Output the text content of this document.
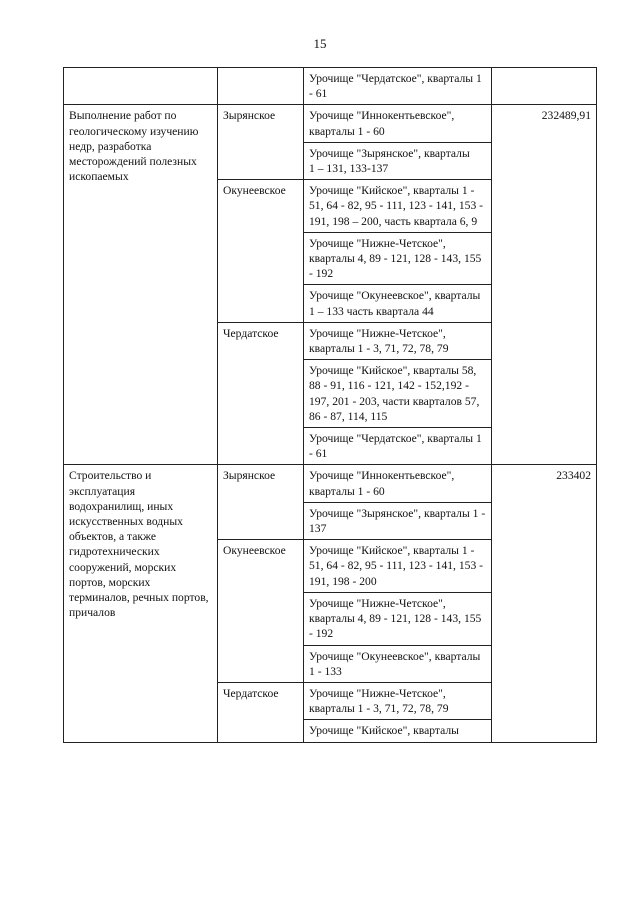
15
		Урочище "Чердатское", кварталы 1 - 61	
Выполнение работ по геологическому изучению недр, разработка месторождений полезных ископаемых	Зырянское	Урочище "Иннокентьевское", кварталы 1 - 60	232489,91
		Урочище "Зырянское", кварталы      1 – 131, 133-137	
	Окунеевское	Урочище "Кийское", кварталы 1 - 51, 64 - 82, 95 - 111, 123 - 141, 153 - 191, 198 – 200, часть квартала 6, 9	
		Урочище "Нижне-Четское", кварталы 4, 89 - 121, 128 - 143, 155 - 192	
		Урочище "Окунеевское", кварталы 1 – 133 часть квартала 44	
	Чердатское	Урочище "Нижне-Четское", кварталы 1 - 3, 71, 72, 78, 79	
		Урочище "Кийское", кварталы 58, 88 - 91, 116 - 121, 142 - 152,192 - 197, 201 - 203, части кварталов 57, 86 - 87, 114, 115	
		Урочище "Чердатское", кварталы 1 - 61	
Строительство и эксплуатация водохранилищ, иных искусственных водных объектов, а также гидротехнических сооружений, морских портов, морских терминалов, речных портов, причалов	Зырянское	Урочище "Иннокентьевское", кварталы 1 - 60	233402
		Урочище "Зырянское", кварталы 1 - 137	
	Окунеевское	Урочище "Кийское", кварталы 1 - 51, 64 - 82, 95 - 111, 123 - 141, 153 - 191, 198 - 200	
		Урочище "Нижне-Четское", кварталы 4, 89 - 121, 128 - 143, 155 - 192	
		Урочище "Окунеевское", кварталы 1 - 133	
	Чердатское	Урочище "Нижне-Четское", кварталы 1 - 3, 71, 72, 78, 79	
		Урочище "Кийское", кварталы	
